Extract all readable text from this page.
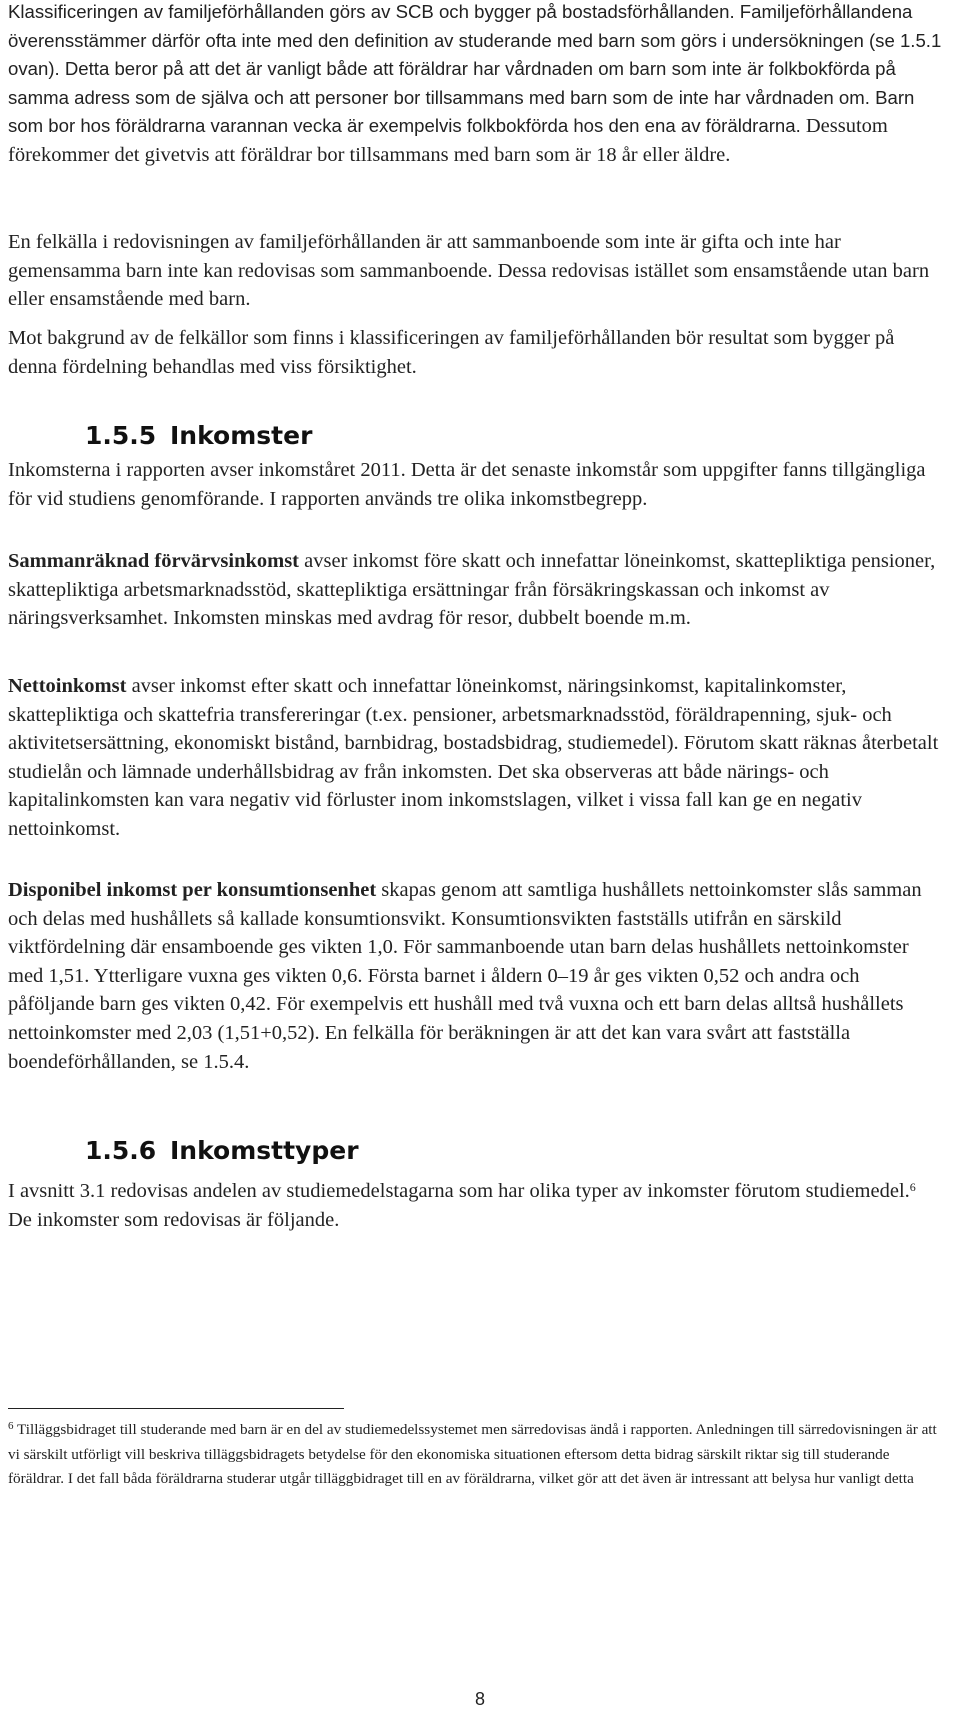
Klassificeringen av familjeförhållanden görs av SCB och bygger på bostadsförhållanden. Familjeförhållandena överensstämmer därför ofta inte med den definition av studerande med barn som görs i undersökningen (se 1.5.1 ovan). Detta beror på att det är vanligt både att föräldrar har vårdnaden om barn som inte är folkbokförda på samma adress som de själva och att personer bor tillsammans med barn som de inte har vårdnaden om. Barn som bor hos föräldrarna varannan vecka är exempelvis folkbokförda hos den ena av föräldrarna. Dessutom förekommer det givetvis att föräldrar bor tillsammans med barn som är 18 år eller äldre.

En felkälla i redovisningen av familjeförhållanden är att sammanboende som inte är gifta och inte har gemensamma barn inte kan redovisas som sammanboende. Dessa redovisas istället som ensamstående utan barn eller ensamstående med barn.

Mot bakgrund av de felkällor som finns i klassificeringen av familjeförhållanden bör resultat som bygger på denna fördelning behandlas med viss försiktighet.

1.5.5 Inkomster

Inkomsterna i rapporten avser inkomståret 2011. Detta är det senaste inkomstår som uppgifter fanns tillgängliga för vid studiens genomförande. I rapporten används tre olika inkomstbegrepp.

Sammanräknad förvärvsinkomst avser inkomst före skatt och innefattar löneinkomst, skattepliktiga pensioner, skattepliktiga arbetsmarknadsstöd, skattepliktiga ersättningar från försäkringskassan och inkomst av näringsverksamhet. Inkomsten minskas med avdrag för resor, dubbelt boende m.m.

Nettoinkomst avser inkomst efter skatt och innefattar löneinkomst, näringsinkomst, kapitalinkomster, skattepliktiga och skattefria transfereringar (t.ex. pensioner, arbetsmarknadsstöd, föräldrapenning, sjuk- och aktivitetsersättning, ekonomiskt bistånd, barnbidrag, bostadsbidrag, studiemedel). Förutom skatt räknas återbetalt studielån och lämnade underhållsbidrag av från inkomsten. Det ska observeras att både närings- och kapitalinkomsten kan vara negativ vid förluster inom inkomstslagen, vilket i vissa fall kan ge en negativ nettoinkomst.

Disponibel inkomst per konsumtionsenhet skapas genom att samtliga hushållets nettoinkomster slås samman och delas med hushållets så kallade konsumtionsvikt. Konsumtionsvikten fastställs utifrån en särskild viktfördelning där ensamboende ges vikten 1,0. För sammanboende utan barn delas hushållets nettoinkomster med 1,51. Ytterligare vuxna ges vikten 0,6. Första barnet i åldern 0–19 år ges vikten 0,52 och andra och påföljande barn ges vikten 0,42. För exempelvis ett hushåll med två vuxna och ett barn delas alltså hushållets nettoinkomster med 2,03 (1,51+0,52). En felkälla för beräkningen är att det kan vara svårt att fastställa boendeförhållanden, se 1.5.4.

1.5.6 Inkomsttyper

I avsnitt 3.1 redovisas andelen av studiemedelstagarna som har olika typer av inkomster förutom studiemedel.$^6$ De inkomster som redovisas är följande.

$^6$ Tilläggsbidraget till studerande med barn är en del av studiemedelssystemet men särredovisas ändå i rapporten. Anledningen till särredovisningen är att vi särskilt utförligt vill beskriva tilläggsbidragets betydelse för den ekonomiska situationen eftersom detta bidrag särskilt riktar sig till studerande föräldrar. I det fall båda föräldrarna studerar utgår tilläggbidraget till en av föräldrarna, vilket gör att det även är intressant att belysa hur vanligt detta
8
